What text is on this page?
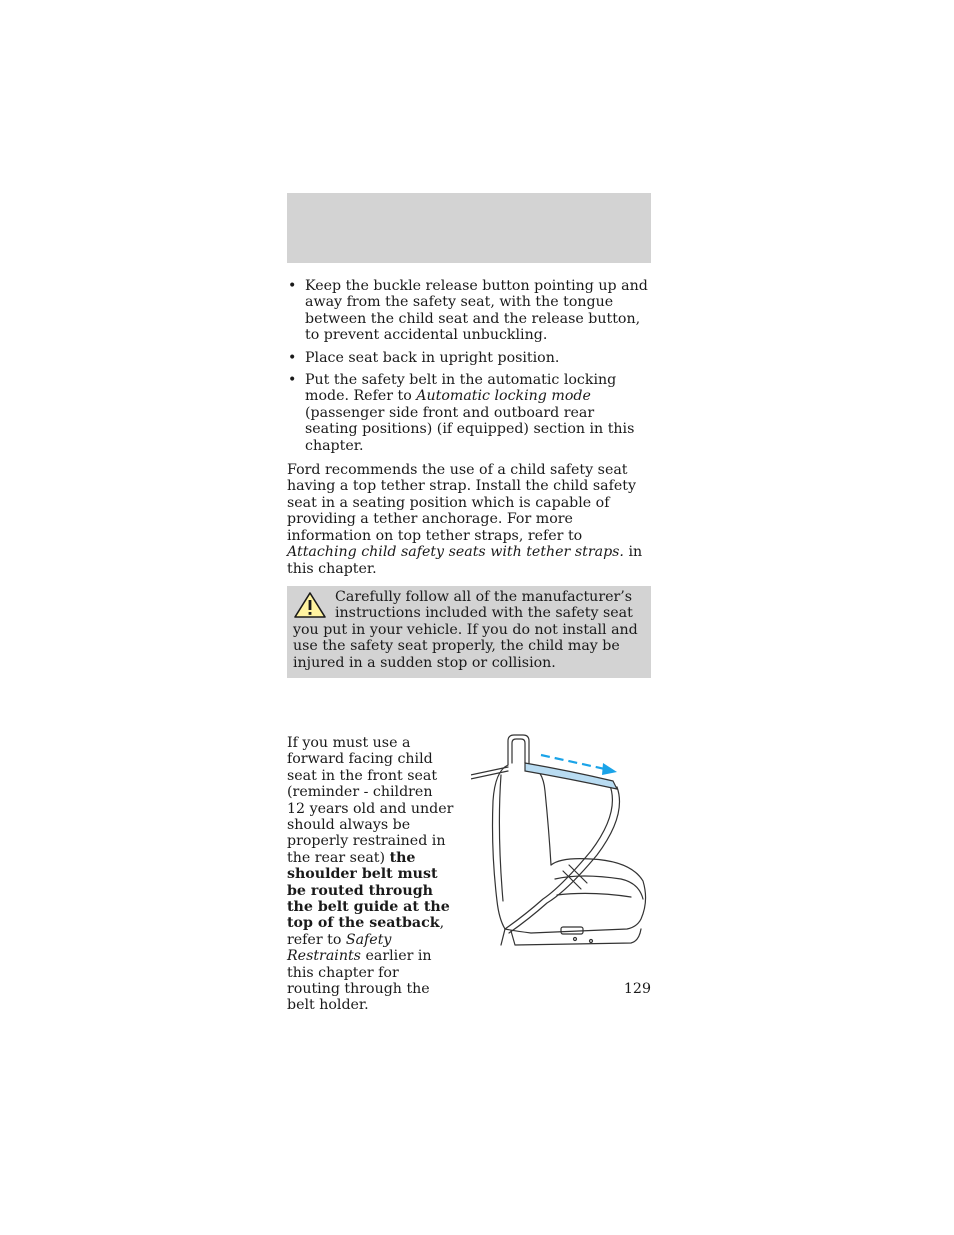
• Keep the buckle release button pointing up and away from the safety seat, with the tongue between the child seat and the release button, to prevent accidental unbuckling.
• Place seat back in upright position.
• Put the safety belt in the automatic locking mode. Refer to Automatic locking mode (passenger side front and outboard rear seating positions) (if equipped) section in this chapter.

Ford recommends the use of a child safety seat having a top tether strap. Install the child safety seat in a seating position which is capable of providing a tether anchorage. For more information on top tether straps, refer to Attaching child safety seats with tether straps. in this chapter.

Carefully follow all of the manufacturer’s instructions included with the safety seat you put in your vehicle. If you do not install and use the safety seat properly, the child may be injured in a sudden stop or collision.
If you must use a forward facing child seat in the front seat (reminder - children 12 years old and under should always be properly restrained in the rear seat) the shoulder belt must be routed through the belt guide at the top of the seatback, refer to Safety Restraints earlier in this chapter for routing through the belt holder.
129
